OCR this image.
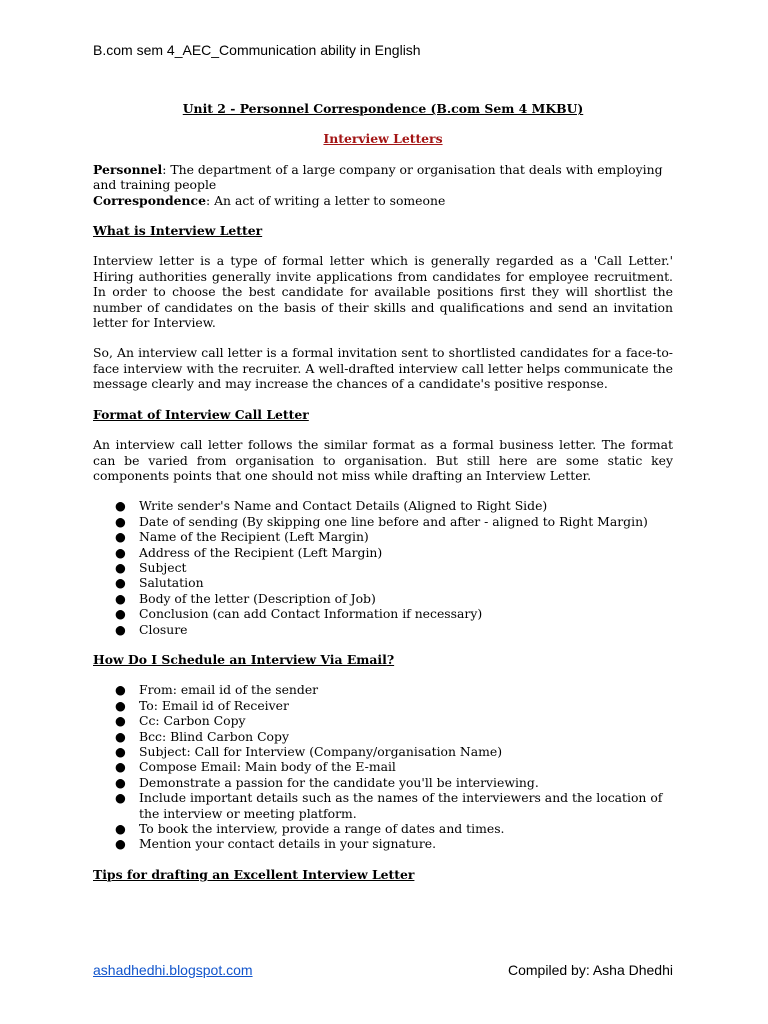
B.com sem 4_AEC_Communication ability in English

Unit 2 - Personnel Correspondence (B.com Sem 4 MKBU)

Interview Letters

Personnel: The department of a large company or organisation that deals with employing and training people

Correspondence: An act of writing a letter to someone

What is Interview Letter

Interview letter is a type of formal letter which is generally regarded as a 'Call Letter.' Hiring authorities generally invite applications from candidates for employee recruitment. In order to choose the best candidate for available positions first they will shortlist the number of candidates on the basis of their skills and qualifications and send an invitation letter for Interview.

So, An interview call letter is a formal invitation sent to shortlisted candidates for a face-to-face interview with the recruiter. A well-drafted interview call letter helps communicate the message clearly and may increase the chances of a candidate's positive response.

Format of Interview Call Letter

An interview call letter follows the similar format as a formal business letter. The format can be varied from organisation to organisation. But still here are some static key components points that one should not miss while drafting an Interview Letter.

● Write sender's Name and Contact Details (Aligned to Right Side)
● Date of sending (By skipping one line before and after - aligned to Right Margin)
● Name of the Recipient (Left Margin)
● Address of the Recipient (Left Margin)
● Subject
● Salutation
● Body of the letter (Description of Job)
● Conclusion (can add Contact Information if necessary)
● Closure

How Do I Schedule an Interview Via Email?

● From: email id of the sender
● To: Email id of Receiver
● Cc: Carbon Copy
● Bcc: Blind Carbon Copy
● Subject: Call for Interview (Company/organisation Name)
● Compose Email: Main body of the E-mail
● Demonstrate a passion for the candidate you'll be interviewing.
● Include important details such as the names of the interviewers and the location of the interview or meeting platform.
● To book the interview, provide a range of dates and times.
● Mention your contact details in your signature.

Tips for drafting an Excellent Interview Letter

ashadhedhi.blogspot.com	Compiled by: Asha Dhedhi
